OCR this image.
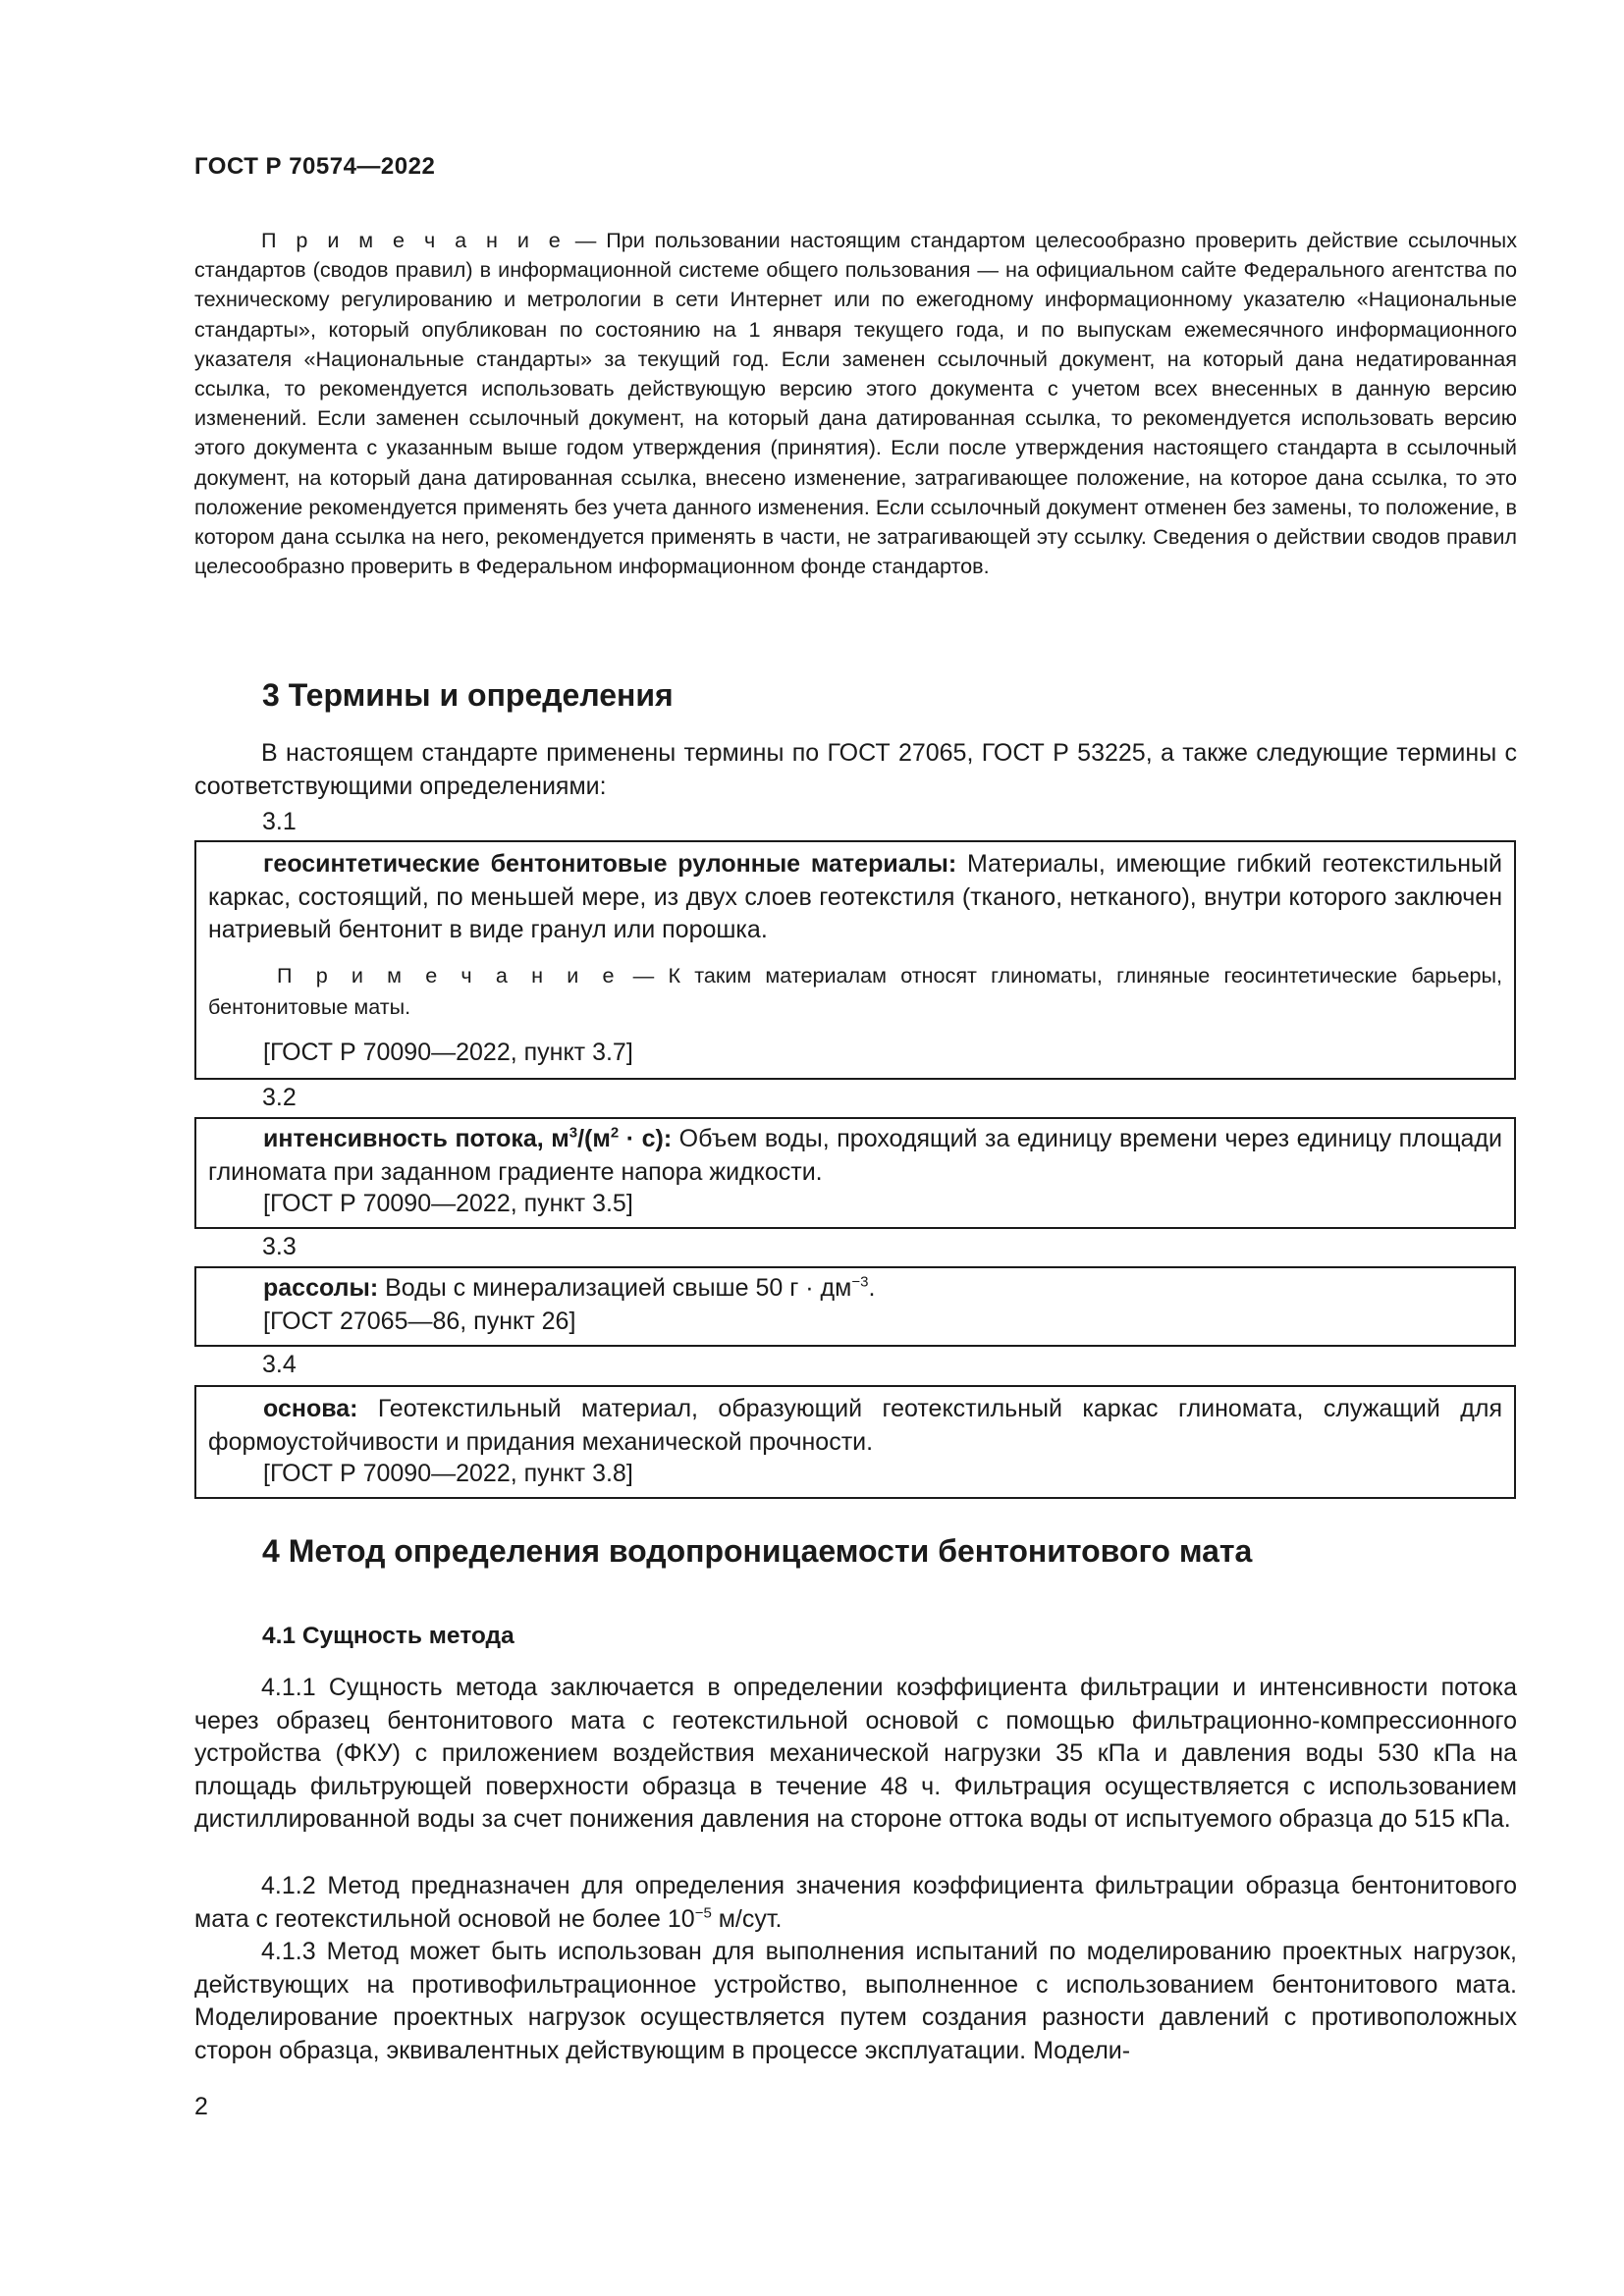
ГОСТ Р 70574—2022
П р и м е ч а н и е — При пользовании настоящим стандартом целесообразно проверить действие ссылочных стандартов (сводов правил) в информационной системе общего пользования — на официальном сайте Федерального агентства по техническому регулированию и метрологии в сети Интернет или по ежегодному информационному указателю «Национальные стандарты», который опубликован по состоянию на 1 января текущего года, и по выпускам ежемесячного информационного указателя «Национальные стандарты» за текущий год. Если заменен ссылочный документ, на который дана недатированная ссылка, то рекомендуется использовать действующую версию этого документа с учетом всех внесенных в данную версию изменений. Если заменен ссылочный документ, на который дана датированная ссылка, то рекомендуется использовать версию этого документа с указанным выше годом утверждения (принятия). Если после утверждения настоящего стандарта в ссылочный документ, на который дана датированная ссылка, внесено изменение, затрагивающее положение, на которое дана ссылка, то это положение рекомендуется применять без учета данного изменения. Если ссылочный документ отменен без замены, то положение, в котором дана ссылка на него, рекомендуется применять в части, не затрагивающей эту ссылку. Сведения о действии сводов правил целесообразно проверить в Федеральном информационном фонде стандартов.
3 Термины и определения
В настоящем стандарте применены термины по ГОСТ 27065, ГОСТ Р 53225, а также следующие термины с соответствующими определениями:
3.1
геосинтетические бентонитовые рулонные материалы: Материалы, имеющие гибкий геотекстильный каркас, состоящий, по меньшей мере, из двух слоев геотекстиля (тканого, нетканого), внутри которого заключен натриевый бентонит в виде гранул или порошка.
П р и м е ч а н и е — К таким материалам относят глиноматы, глиняные геосинтетические барьеры, бентонитовые маты.
[ГОСТ Р 70090—2022, пункт 3.7]
3.2
интенсивность потока, $м^3/(м^2 \cdot с)$: Объем воды, проходящий за единицу времени через единицу площади глиномата при заданном градиенте напора жидкости.
[ГОСТ Р 70090—2022, пункт 3.5]
3.3
рассолы: Воды с минерализацией свыше 50 $г \cdot дм^{-3}$.
[ГОСТ 27065—86, пункт 26]
3.4
основа: Геотекстильный материал, образующий геотекстильный каркас глиномата, служащий для формоустойчивости и придания механической прочности.
[ГОСТ Р 70090—2022, пункт 3.8]
4 Метод определения водопроницаемости бентонитового мата
4.1 Сущность метода
4.1.1 Сущность метода заключается в определении коэффициента фильтрации и интенсивности потока через образец бентонитового мата с геотекстильной основой с помощью фильтрационно-компрессионного устройства (ФКУ) с приложением воздействия механической нагрузки 35 кПа и давления воды 530 кПа на площадь фильтрующей поверхности образца в течение 48 ч. Фильтрация осуществляется с использованием дистиллированной воды за счет понижения давления на стороне оттока воды от испытуемого образца до 515 кПа.
4.1.2 Метод предназначен для определения значения коэффициента фильтрации образца бентонитового мата с геотекстильной основой не более $10^{-5}$ м/сут.
4.1.3 Метод может быть использован для выполнения испытаний по моделированию проектных нагрузок, действующих на противофильтрационное устройство, выполненное с использованием бентонитового мата. Моделирование проектных нагрузок осуществляется путем создания разности давлений с противоположных сторон образца, эквивалентных действующим в процессе эксплуатации. Модели-
2
